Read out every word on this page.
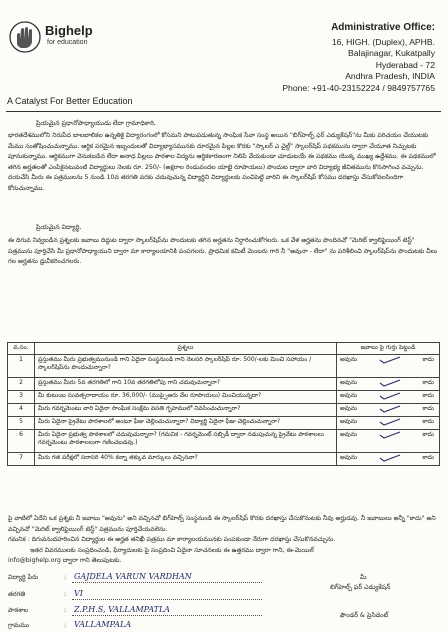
Bighelp
for education
A Catalyst For Better Education
Administrative Office:
16, HIGH. (Duplex), APHB.
Balajinagar, Kukatpally
Hyderabad - 72
Andhra Pradesh, INDIA
Phone: +91-40-23152224 / 9849757765
ప్రియమైన ప్రధానోపాధ్యాయుడు లేదా గ్రామాధికారి,
భారతదేశములోని నిరుపేద బాలబాలికల ఉన్నతికై విద్యారంగంలో కోసమని పాటుపడుతున్న సాంఘిక సేవా సంస్థ అయిన "బిగ్‌హెల్ప్ ఫర్ ఎడ్యుకేషన్"ను మీకు పరిచయం చేయుటకు మేము సంతోషించుచున్నాము. ఆర్థిక పరమైన ఇబ్బందులతో విద్యాభ్యాసమునకు దూరమైన పిల్లల కొరకు "స్కాలర్ ఎ చైల్డ్" స్కాలర్‌షిప్ పథకమును ద్వారా చేయూత నిచ్చుటకు పూనుకున్నాము. ఆర్థికముగా వెనుకబడిన లేదా అనాధ పిల్లలు పాఠశాల విద్యను ఆర్థికకారణంగా నిలిపి వేయకుండా చూడుటయే ఈ పథకము యొక్క ముఖ్య ఉద్దేశము. ఈ పథకములో తగిన అర్హతలతో ఎంపికైనటువంటి విద్యార్థులు నెలకు రూ. 250/- (అక్షరాల రెండువందల యాభై రూపాయలు) పొందుట ద్వారా వారి విద్యాభ్య జీవితమును కొనసాగించ వచ్చును. దయచేసి మీరు ఈ పత్రములను 5 నుండి 10వ తరగతి వరకు చదువుచున్న విద్యార్థిని విద్యార్థులకు పంచిపెట్టి వారిని ఈ స్కాలర్‌షిప్ కోసము దరఖాస్తు చేసుకోవలసిందిగా కోరుచున్నాము.
ప్రియమైన విద్యార్థి,
ఈ దిగువ నివ్వబడిన ప్రశ్నలకు జవాబు దిద్దుట ద్వారా స్కాలర్‌షిప్‌ను పొందుటకు తగిన అర్హతను నిర్ధారించుకోగలరు. ఒక వేళ అర్హతను పొందినచో "మెరిట్ క్వాలిఫైయింగ్ టెస్ట్" పత్రమును పూర్తిచేసి మీ ప్రధానోపాధ్యాయుని ద్వారా మా కార్యాలయానికి పంపగలరు. ప్రాధమిక కమిటీ మెంబరు గారి నీ "అవునా - లేదా" ను పరిశీలించి స్కాలర్‌షిప్‌ను పొందుటకు వీలు గల అర్హతను ధ్రువీకరించగలరు.
వ.సం.	ప్రశ్నలు	జవాబు పై గుర్తు పెట్టండి
1	ప్రస్తుతము మీరు ప్రభుత్వమునుండి గాని ఏదైనా సంస్థనుండి గాని నెలసరి స్కాలర్‌షిప్ రూ. 500/-లకు మించి సహాయం / స్కాలర్‌షిప్‌ను పొందుచున్నారా?	అవును కాదు

2	ప్రస్తుతము మీరు 5వ తరగతిలో గాని 10వ తరగతిలోపు గాని చదువుచున్నారా?	అవును కాదు

3	మీ కుటుంబ సంవత్సరాదాయం రూ. 36,000/- (ముప్పైఆరు వేల రూపాయలు) మించియున్నదా?	అవును కాదు

4	మీరు గవర్నమెంటు వారి ఏదైనా సాంఘిక సంక్షేమ వసతి గృహములో నివసించుచున్నారా?	అవును కాదు

5	మీరు ఏదైనా ప్రైవేటు పాఠశాలలో అంటూ ఫీజు చెల్లించుచున్నారా? విద్యార్థి ఏదైనా ఫీజు చెల్లించుచున్నారా?	అవును కాదు

6	మీరు ఏదైనా ప్రభుత్వ పాఠశాలలో చదువుచున్నారా? (గమనిక - గవర్నమెంట్ సబ్సిడీ ద్వారా నడుపుచున్న ప్రైవేటు పాఠశాలలు గవర్నమెంటు పాఠశాలలుగా గణించబడవు.)	అవును కాదు

7	మీరు గత పరీక్షలో సరాసరి 40% కన్నా తక్కువ మార్కులు వచ్చినవా?	అవును కాదు
పై వాటిలో ఏదేని ఒక ప్రశ్నకు నీ జవాబు "అవును" అని వచ్చినచో బిగ్‌హెల్ప్ సంస్థనుండి ఈ స్కాలర్‌షిప్ కొరకు దరఖాస్తు చేసుకొనుటకు నీవు అర్హుడవు. నీ జవాబులు అన్నీ "కాదు" అని వచ్చినచో "మెరిట్ క్వాలిఫైయింగ్ టెస్ట్" పత్రమును పూర్తిచేయవలెను.
గమనిక : దిగువనుదహరించిన విద్యార్థుల ఈ అర్హత తనిఖీ పత్రము మా కార్యాలయమునకు పంపకుండా నేరుగా దరఖాస్తు చేసుకొనవచ్చును.
ఇతర వివరములకు సంప్రదించండి, ఫిర్యాదులకు పై సంప్రదించి ఏదైనా సూచనలకు ఈ ఉత్తరము ద్వారా గాని, ఈ-మెయిల్
info@bighelp.org ద్వారా గాని తెలుపుటకు.
విద్యార్థి పేరు	: GAJDELA VARUN VARDHAN
తరగతి	: VI
పాఠశాల	: Z.P.H.S, VALLAMPATLA
గ్రామము	: VALLAMPALA
మీ
బిగ్‌హెల్ప్ ఫర్ ఎడ్యుకేషన్
ఫౌండర్ & ప్రెసిడెంట్
